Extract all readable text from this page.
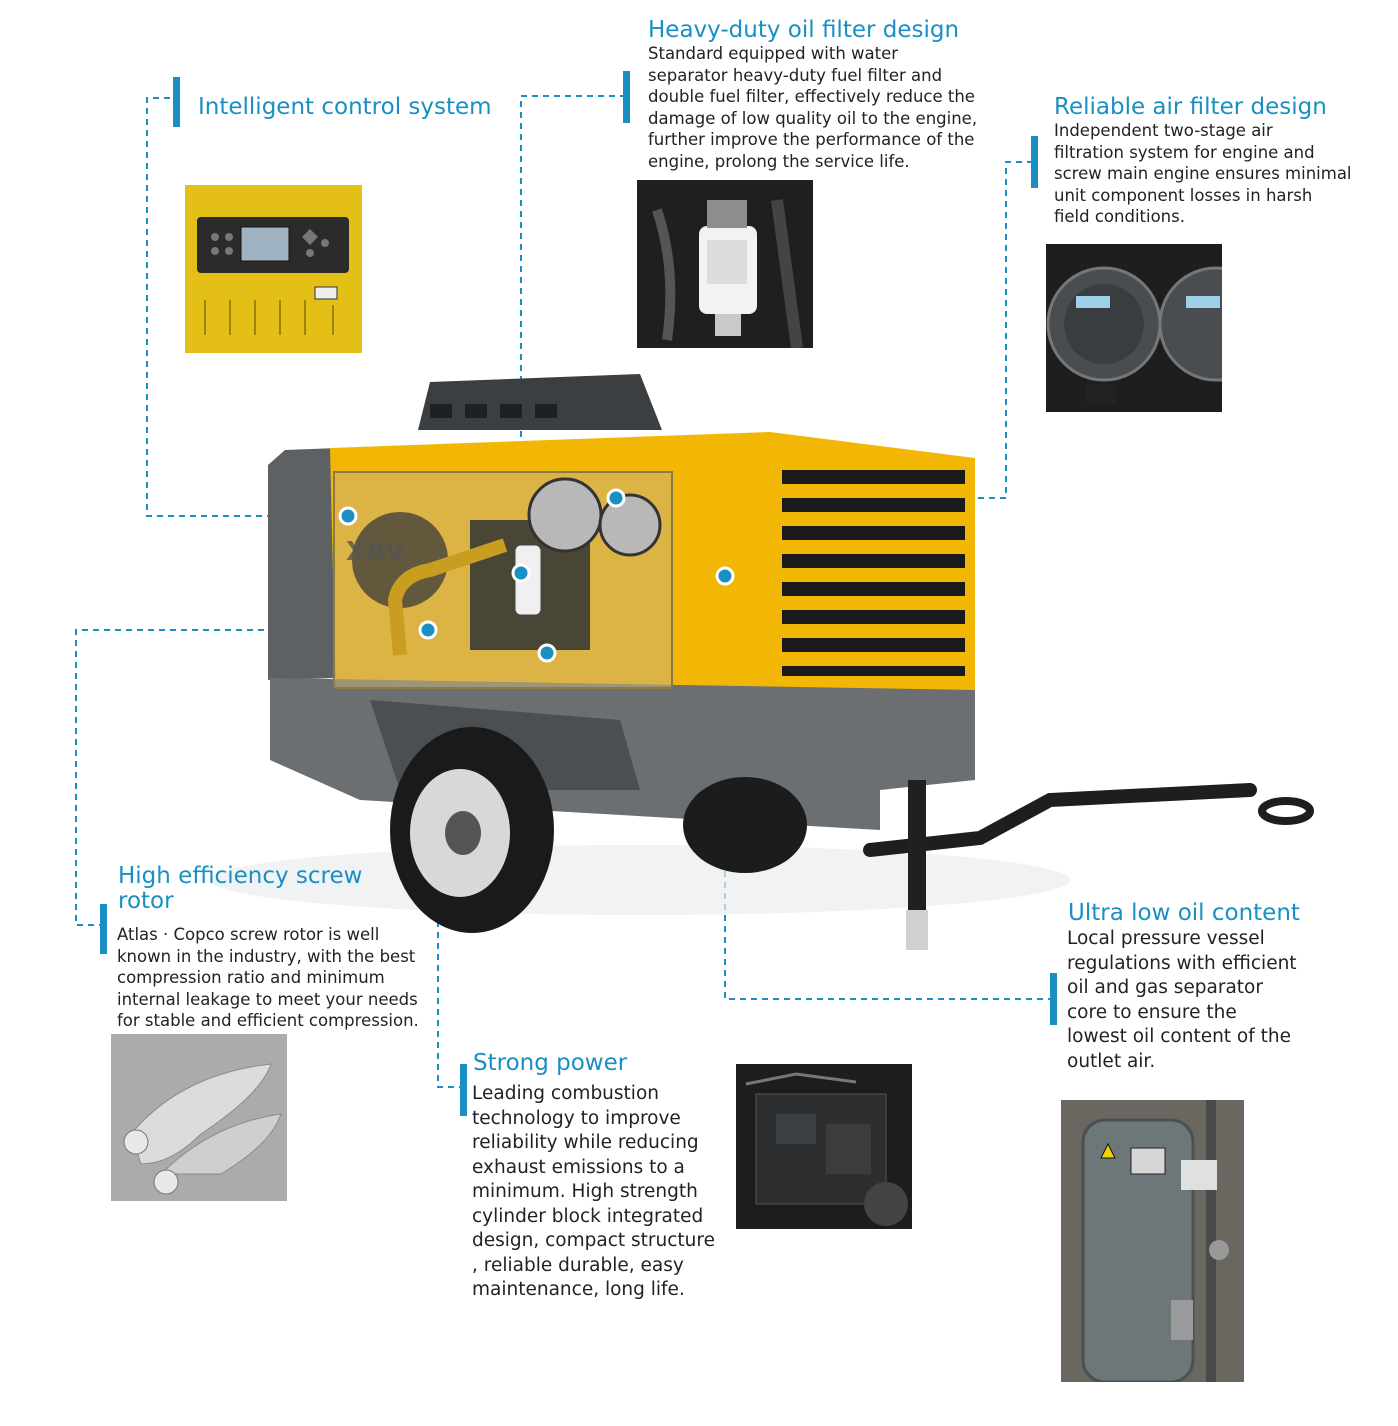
XAV
Intelligent control system
Heavy-duty oil filter design
Standard equipped with water
separator heavy-duty fuel filter and
double fuel filter, effectively reduce the
damage of low quality oil to the engine,
further improve the performance of the
engine, prolong the service life.
Reliable air filter design
Independent two-stage air
filtration system for engine and
screw main engine ensures minimal
unit component losses in harsh
field conditions.
High efficiency screw
rotor
Atlas · Copco screw rotor is well
known in the industry, with the best
compression ratio and minimum
internal leakage to meet your needs
for stable and efficient compression.
Strong power
Leading combustion
technology to improve
reliability while reducing
exhaust emissions to a
minimum. High strength
cylinder block integrated
design, compact structure
, reliable durable, easy
maintenance, long life.
Ultra low oil content
Local pressure vessel
regulations with efficient
oil and gas separator
core to ensure the
lowest oil content of the
outlet air.
